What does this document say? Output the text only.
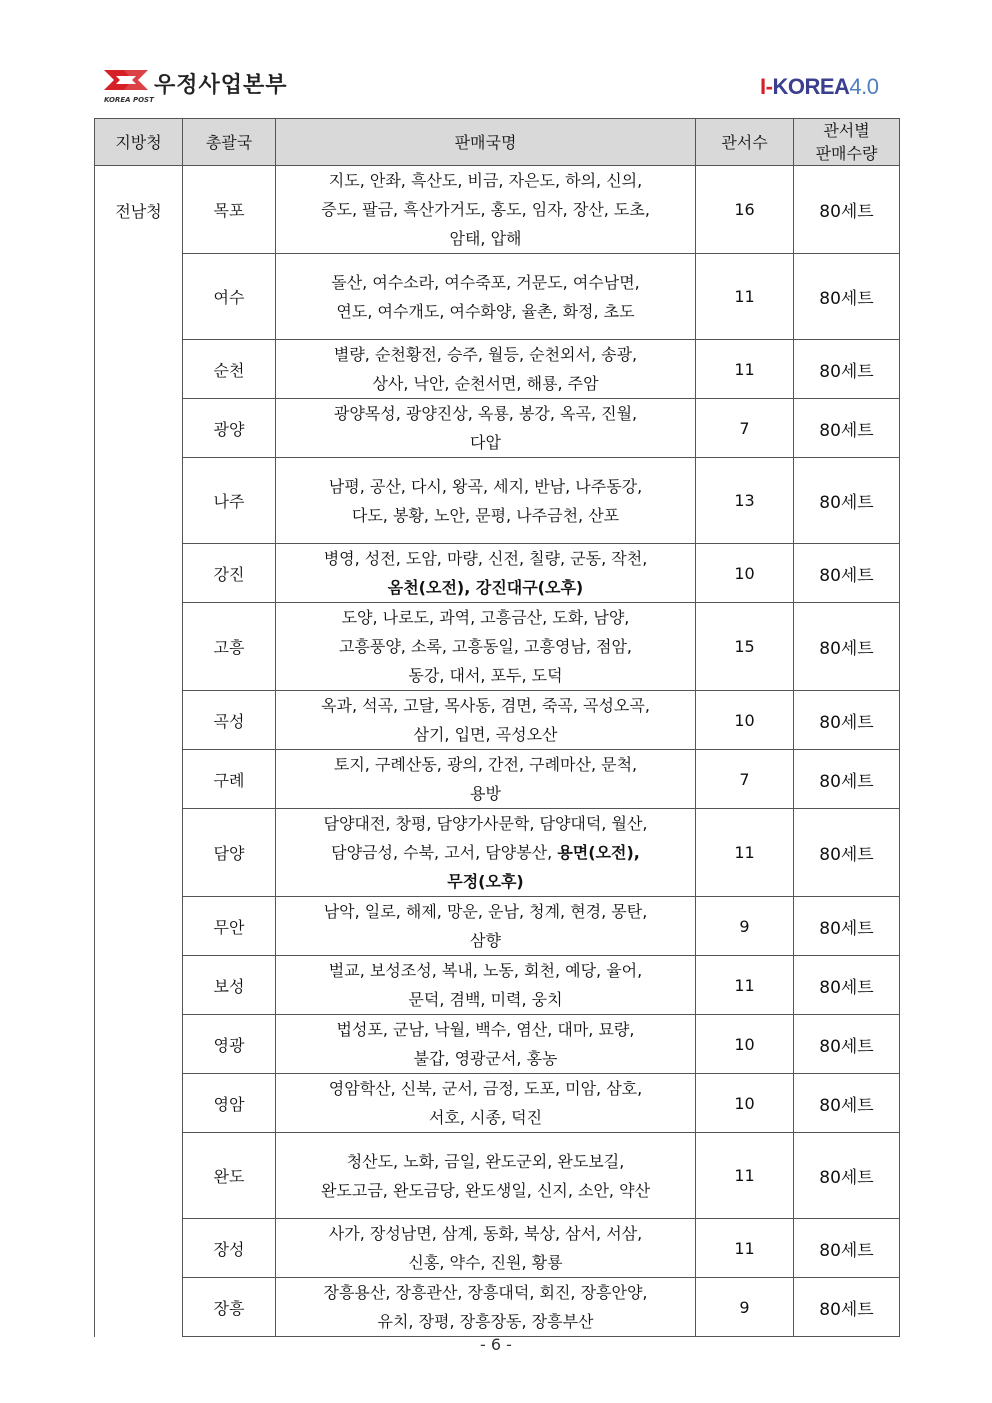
우정사업본부
KOREA POST
I-KOREA4.0
지방청	총괄국	판매국명	관서수	관서별
판매수량
전남청	목포	지도, 안좌, 흑산도, 비금, 자은도, 하의, 신의,
증도, 팔금, 흑산가거도, 홍도, 임자, 장산, 도초,
암태, 압해	16	80세트
	여수	돌산, 여수소라, 여수죽포, 거문도, 여수남면,
연도, 여수개도, 여수화양, 율촌, 화정, 초도	11	80세트
	순천	별량, 순천황전, 승주, 월등, 순천외서, 송광,
상사, 낙안, 순천서면, 해룡, 주암	11	80세트
	광양	광양목성, 광양진상, 옥룡, 봉강, 옥곡, 진월,
다압	7	80세트
	나주	남평, 공산, 다시, 왕곡, 세지, 반남, 나주동강,
다도, 봉황, 노안, 문평, 나주금천, 산포	13	80세트
	강진	병영, 성전, 도암, 마량, 신전, 칠량, 군동, 작천,
옴천(오전), 강진대구(오후)	10	80세트
	고흥	도양, 나로도, 과역, 고흥금산, 도화, 남양,
고흥풍양, 소록, 고흥동일, 고흥영남, 점암,
동강, 대서, 포두, 도덕	15	80세트
	곡성	옥과, 석곡, 고달, 목사동, 겸면, 죽곡, 곡성오곡,
삼기, 입면, 곡성오산	10	80세트
	구례	토지, 구례산동, 광의, 간전, 구례마산, 문척,
용방	7	80세트
	담양	담양대전, 창평, 담양가사문학, 담양대덕, 월산,
담양금성, 수북, 고서, 담양봉산, 용면(오전),
무정(오후)	11	80세트
	무안	남악, 일로, 해제, 망운, 운남, 청계, 현경, 몽탄,
삼향	9	80세트
	보성	벌교, 보성조성, 복내, 노동, 회천, 예당, 율어,
문덕, 겸백, 미력, 웅치	11	80세트
	영광	법성포, 군남, 낙월, 백수, 염산, 대마, 묘량,
불갑, 영광군서, 홍농	10	80세트
	영암	영암학산, 신북, 군서, 금정, 도포, 미암, 삼호,
서호, 시종, 덕진	10	80세트
	완도	청산도, 노화, 금일, 완도군외, 완도보길,
완도고금, 완도금당, 완도생일, 신지, 소안, 약산	11	80세트
	장성	사가, 장성남면, 삼계, 동화, 북상, 삼서, 서삼,
신홍, 약수, 진원, 황룡	11	80세트
	장흥	장흥용산, 장흥관산, 장흥대덕, 회진, 장흥안양,
유치, 장평, 장흥장동, 장흥부산	9	80세트
- 6 -
